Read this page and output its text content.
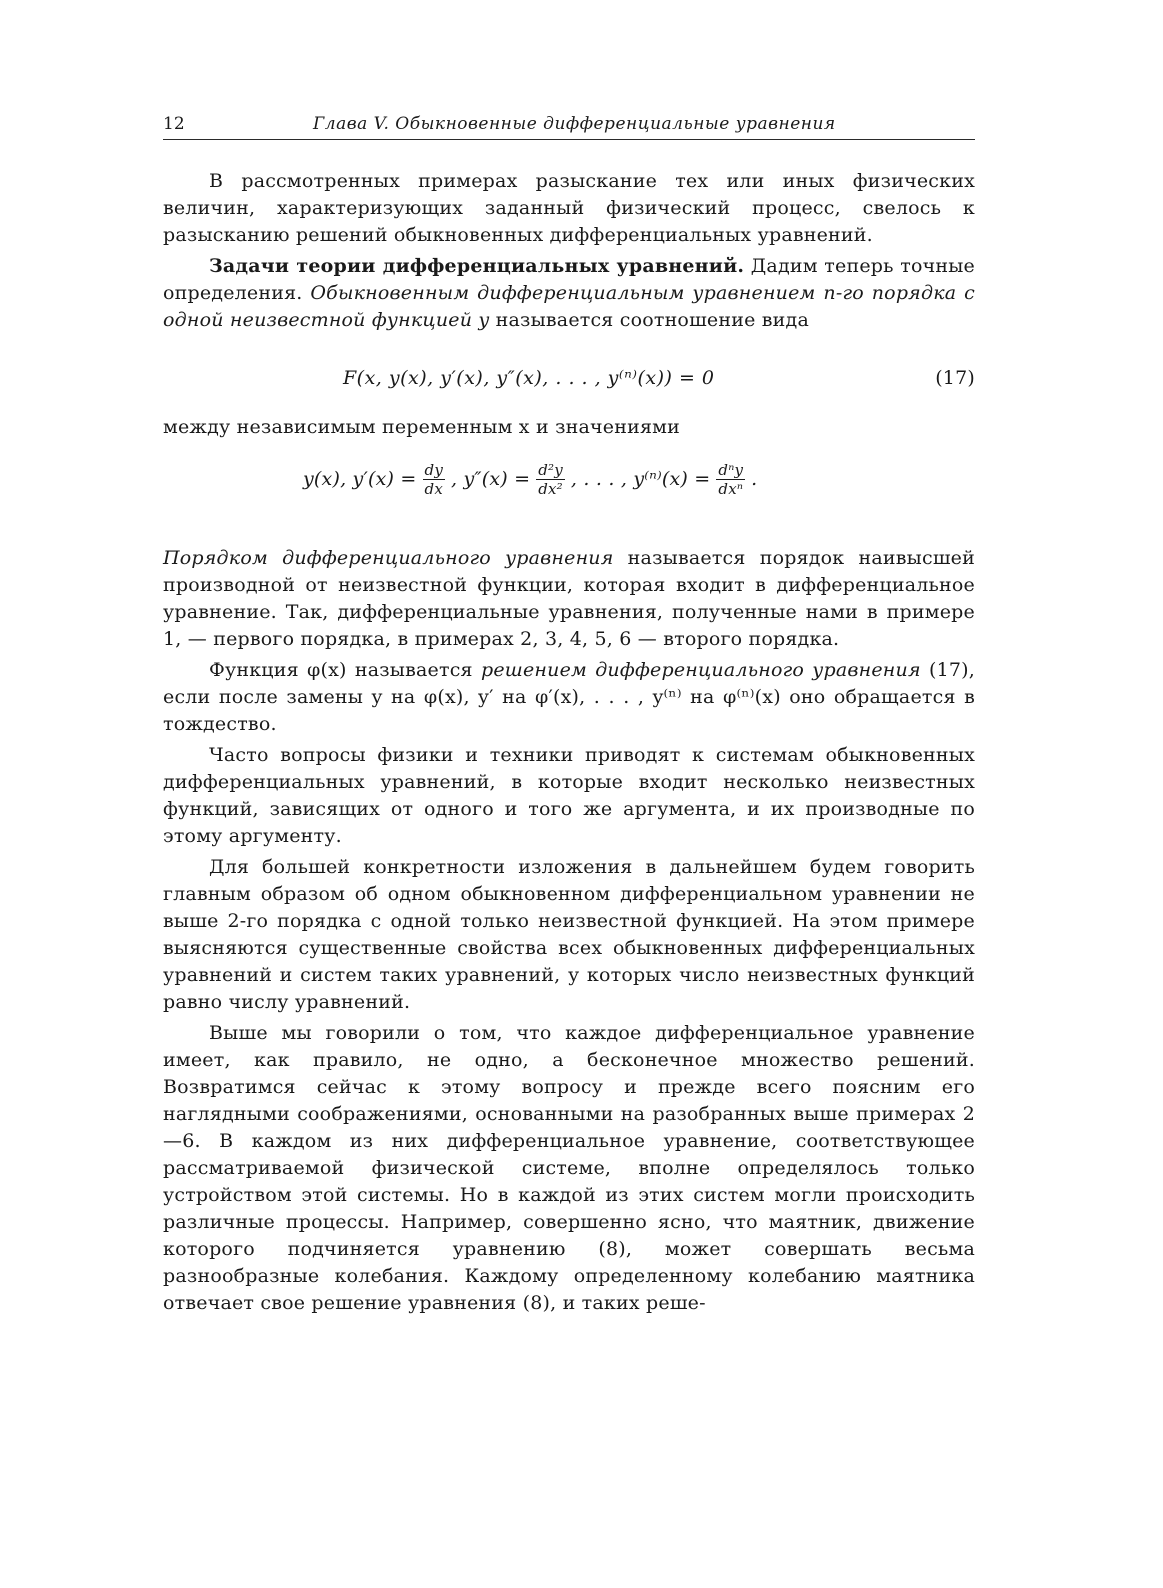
12	Глава V. Обыкновенные дифференциальные уравнения

В рассмотренных примерах разыскание тех или иных физических величин, характеризующих заданный физический процесс, свелось к разысканию решений обыкновенных дифференциальных уравнений.

Задачи теории дифференциальных уравнений. Дадим теперь точные определения. Обыкновенным дифференциальным уравнением n-го порядка с одной неизвестной функцией y называется соотношение вида

F(x, y(x), y′(x), y″(x), . . . , y⁽ⁿ⁾(x)) = 0	(17)

между независимым переменным x и значениями

y(x), $y'(x) = \frac{dy}{dx}$ , $y''(x) = \frac{\text{d²y}}{\text{dx²}}$ , . . . , $y^{(n)}(x) = \frac{\text{dⁿy}}{\text{dxⁿ}}$ .

Порядком дифференциального уравнения называется порядок наивысшей производной от неизвестной функции, которая входит в дифференциальное уравнение. Так, дифференциальные уравнения, полученные нами в примере 1, — первого порядка, в примерах 2, 3, 4, 5, 6 — второго порядка.

Функция φ(x) называется решением дифференциального уравнения (17), если после замены y на φ(x), y′ на φ′(x), . . . , y⁽ⁿ⁾ на φ⁽ⁿ⁾(x) оно обращается в тождество.

Часто вопросы физики и техники приводят к системам обыкновенных дифференциальных уравнений, в которые входит несколько неизвестных функций, зависящих от одного и того же аргумента, и их производные по этому аргументу.

Для большей конкретности изложения в дальнейшем будем говорить главным образом об одном обыкновенном дифференциальном уравнении не выше 2-го порядка с одной только неизвестной функцией. На этом примере выясняются существенные свойства всех обыкновенных дифференциальных уравнений и систем таких уравнений, у которых число неизвестных функций равно числу уравнений.

Выше мы говорили о том, что каждое дифференциальное уравнение имеет, как правило, не одно, а бесконечное множество решений. Возвратимся сейчас к этому вопросу и прежде всего поясним его наглядными соображениями, основанными на разобранных выше примерах 2—6. В каждом из них дифференциальное уравнение, соответствующее рассматриваемой физической системе, вполне определялось только устройством этой системы. Но в каждой из этих систем могли происходить различные процессы. Например, совершенно ясно, что маятник, движение которого подчиняется уравнению (8), может совершать весьма разнообразные колебания. Каждому определенному колебанию маятника отвечает свое решение уравнения (8), и таких реше-
